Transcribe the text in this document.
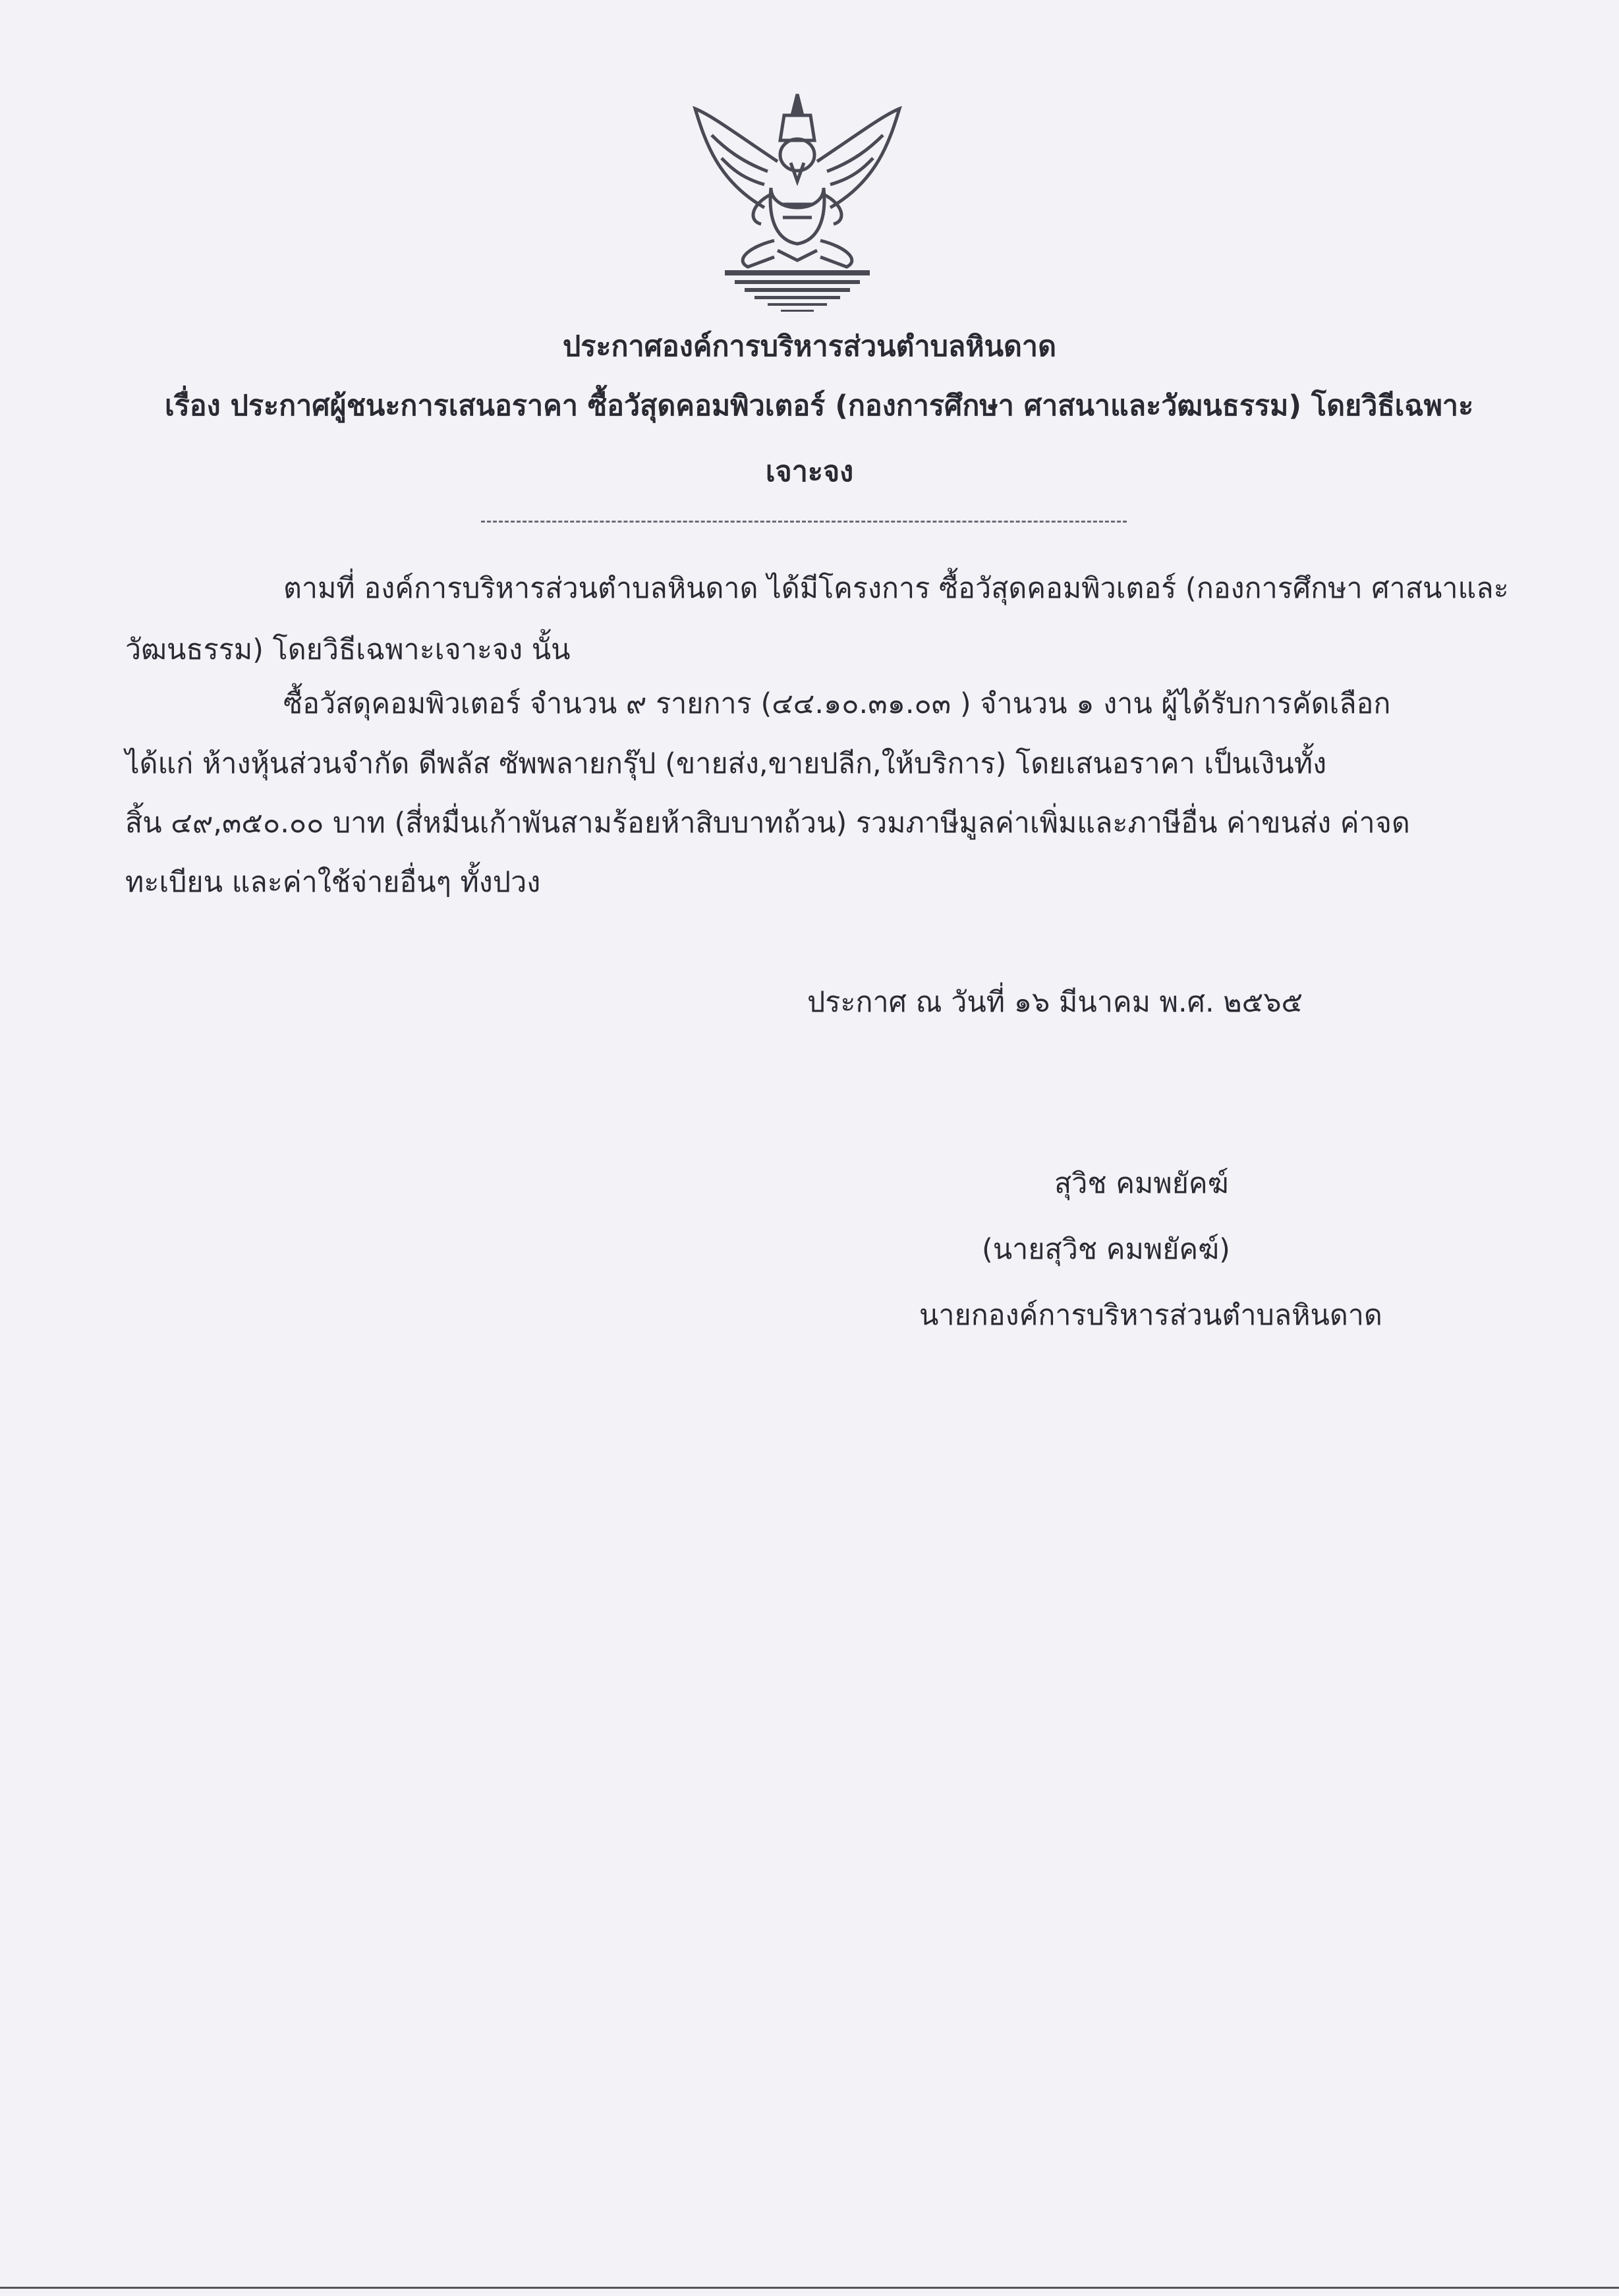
ประกาศองค์การบริหารส่วนตำบลหินดาด
เรื่อง ประกาศผู้ชนะการเสนอราคา ซื้อวัสุดคอมพิวเตอร์ (กองการศึกษา ศาสนาและวัฒนธรรม) โดยวิธีเฉพาะ
เจาะจง
ตามที่ องค์การบริหารส่วนตำบลหินดาด ได้มีโครงการ ซื้อวัสุดคอมพิวเตอร์ (กองการศึกษา ศาสนาและ
วัฒนธรรม) โดยวิธีเฉพาะเจาะจง นั้น
ซื้อวัสดุคอมพิวเตอร์ จำนวน ๙ รายการ (๔๔.๑๐.๓๑.๐๓ ) จำนวน ๑ งาน ผู้ได้รับการคัดเลือก
ได้แก่ ห้างหุ้นส่วนจำกัด ดีพลัส ซัพพลายกรุ๊ป (ขายส่ง,ขายปลีก,ให้บริการ) โดยเสนอราคา เป็นเงินทั้ง
สิ้น ๔๙,๓๕๐.๐๐ บาท (สี่หมื่นเก้าพันสามร้อยห้าสิบบาทถ้วน) รวมภาษีมูลค่าเพิ่มและภาษีอื่น ค่าขนส่ง ค่าจด
ทะเบียน และค่าใช้จ่ายอื่นๆ ทั้งปวง
ประกาศ ณ วันที่ ๑๖ มีนาคม พ.ศ. ๒๕๖๕
สุวิช คมพยัคฆ์
(นายสุวิช คมพยัคฆ์)
นายกองค์การบริหารส่วนตำบลหินดาด
